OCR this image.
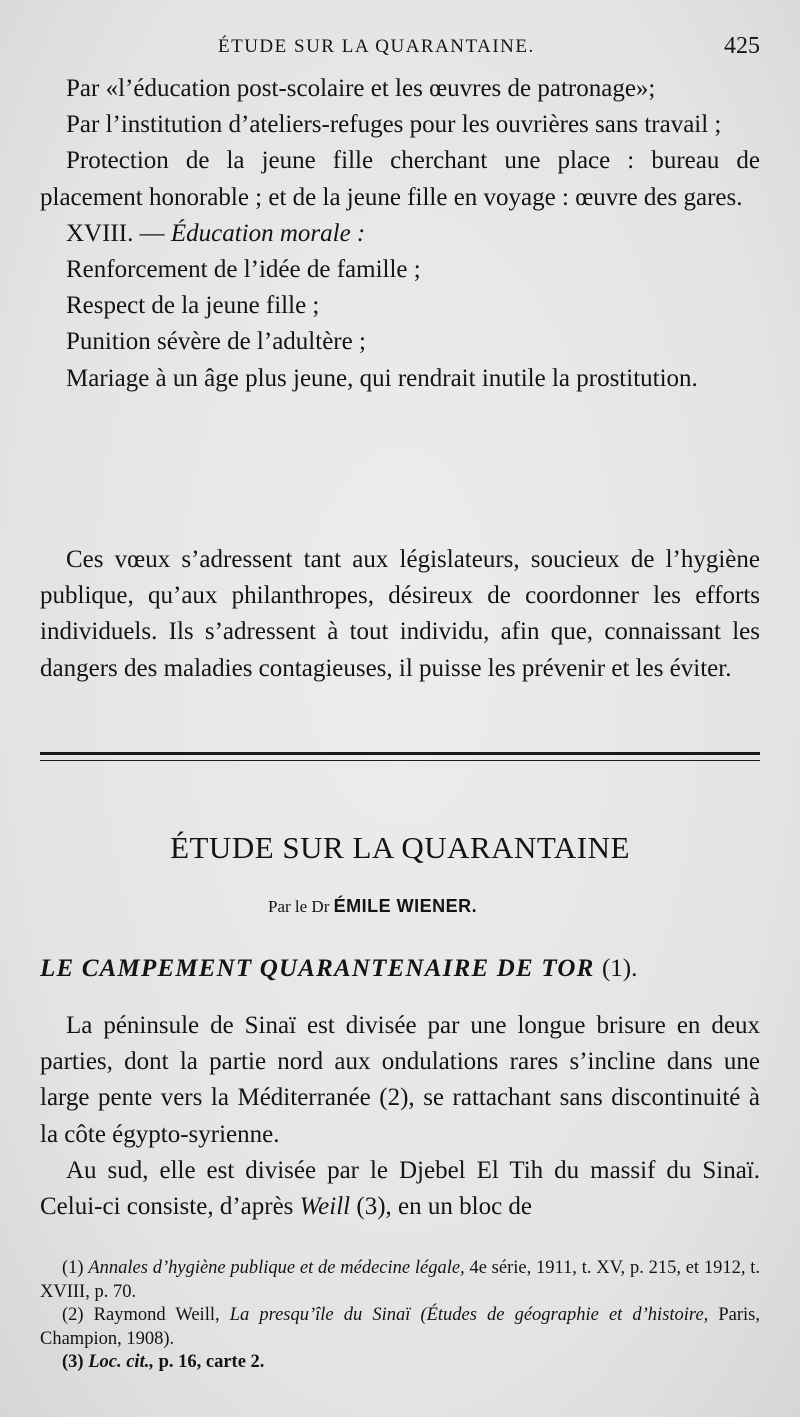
ÉTUDE SUR LA QUARANTAINE.	425

Par «l’éducation post-scolaire et les œuvres de patronage»;

Par l’institution d’ateliers-refuges pour les ouvrières sans travail ;

Protection de la jeune fille cherchant une place : bureau de placement honorable ; et de la jeune fille en voyage : œuvre des gares.

XVIII. — Éducation morale :

Renforcement de l’idée de famille ;

Respect de la jeune fille ;

Punition sévère de l’adultère ;

Mariage à un âge plus jeune, qui rendrait inutile la prostitution.

Ces vœux s’adressent tant aux législateurs, soucieux de l’hygiène publique, qu’aux philanthropes, désireux de coordonner les efforts individuels. Ils s’adressent à tout individu, afin que, connaissant les dangers des maladies contagieuses, il puisse les prévenir et les éviter.

ÉTUDE SUR LA QUARANTAINE
Par le Dr ÉMILE WIENER.
LE CAMPEMENT QUARANTENAIRE DE TOR (1).

La péninsule de Sinaï est divisée par une longue brisure en deux parties, dont la partie nord aux ondulations rares s’incline dans une large pente vers la Méditerranée (2), se rattachant sans discontinuité à la côte égypto-syrienne.

Au sud, elle est divisée par le Djebel El Tih du massif du Sinaï. Celui-ci consiste, d’après Weill (3), en un bloc de

(1) Annales d’hygiène publique et de médecine légale, 4e série, 1911, t. XV, p. 215, et 1912, t. XVIII, p. 70.

(2) Raymond Weill, La presqu’île du Sinaï (Études de géographie et d’histoire, Paris, Champion, 1908).

(3) Loc. cit., p. 16, carte 2.
